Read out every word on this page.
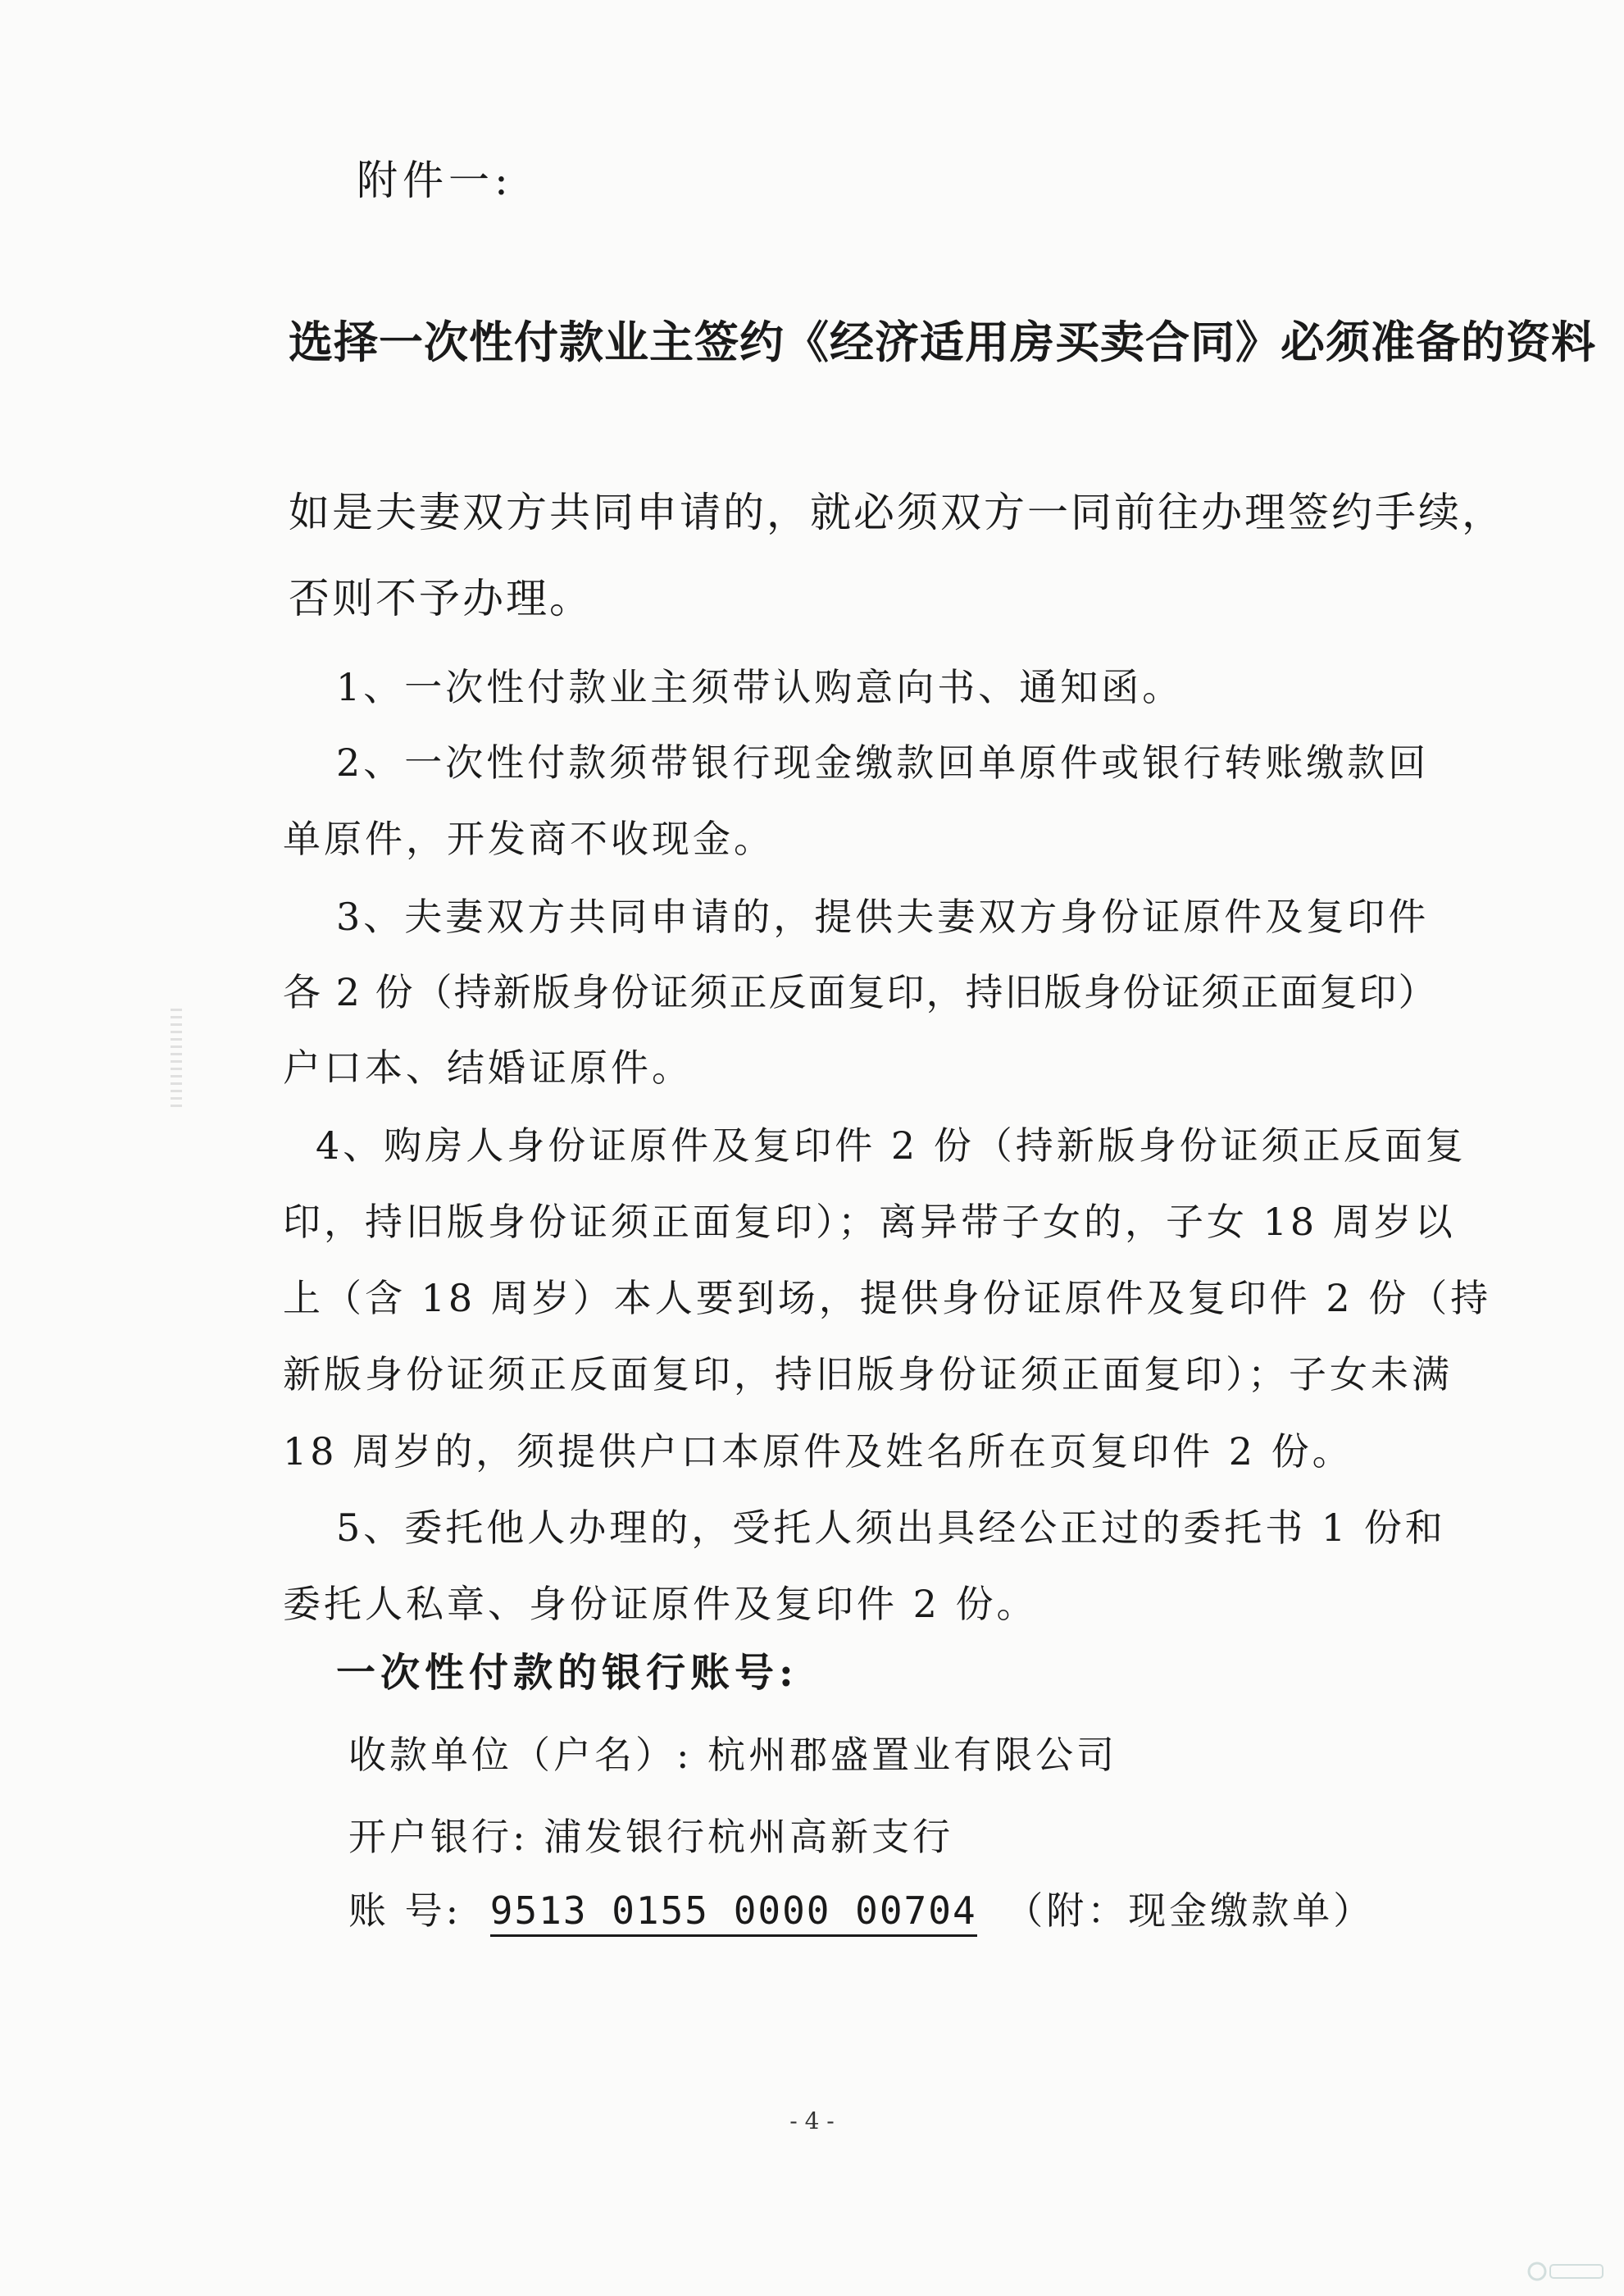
附件一:
选择一次性付款业主签约《经济适用房买卖合同》必须准备的资料
如是夫妻双方共同申请的，就必须双方一同前往办理签约手续，
否则不予办理。
1、一次性付款业主须带认购意向书、通知函。
2、一次性付款须带银行现金缴款回单原件或银行转账缴款回
单原件，开发商不收现金。
3、夫妻双方共同申请的，提供夫妻双方身份证原件及复印件
各 2 份（持新版身份证须正反面复印，持旧版身份证须正面复印）
户口本、结婚证原件。
4、购房人身份证原件及复印件 2 份（持新版身份证须正反面复
印，持旧版身份证须正面复印）；离异带子女的，子女 18 周岁以
上（含 18 周岁）本人要到场，提供身份证原件及复印件 2 份（持
新版身份证须正反面复印，持旧版身份证须正面复印）；子女未满
18 周岁的，须提供户口本原件及姓名所在页复印件 2 份。
5、委托他人办理的，受托人须出具经公正过的委托书 1 份和
委托人私章、身份证原件及复印件 2 份。
一次性付款的银行账号:
收款单位（户名）: 杭州郡盛置业有限公司
开户银行: 浦发银行杭州高新支行
账 号: 9513 0155 0000 00704 （附：现金缴款单）
- 4 -
